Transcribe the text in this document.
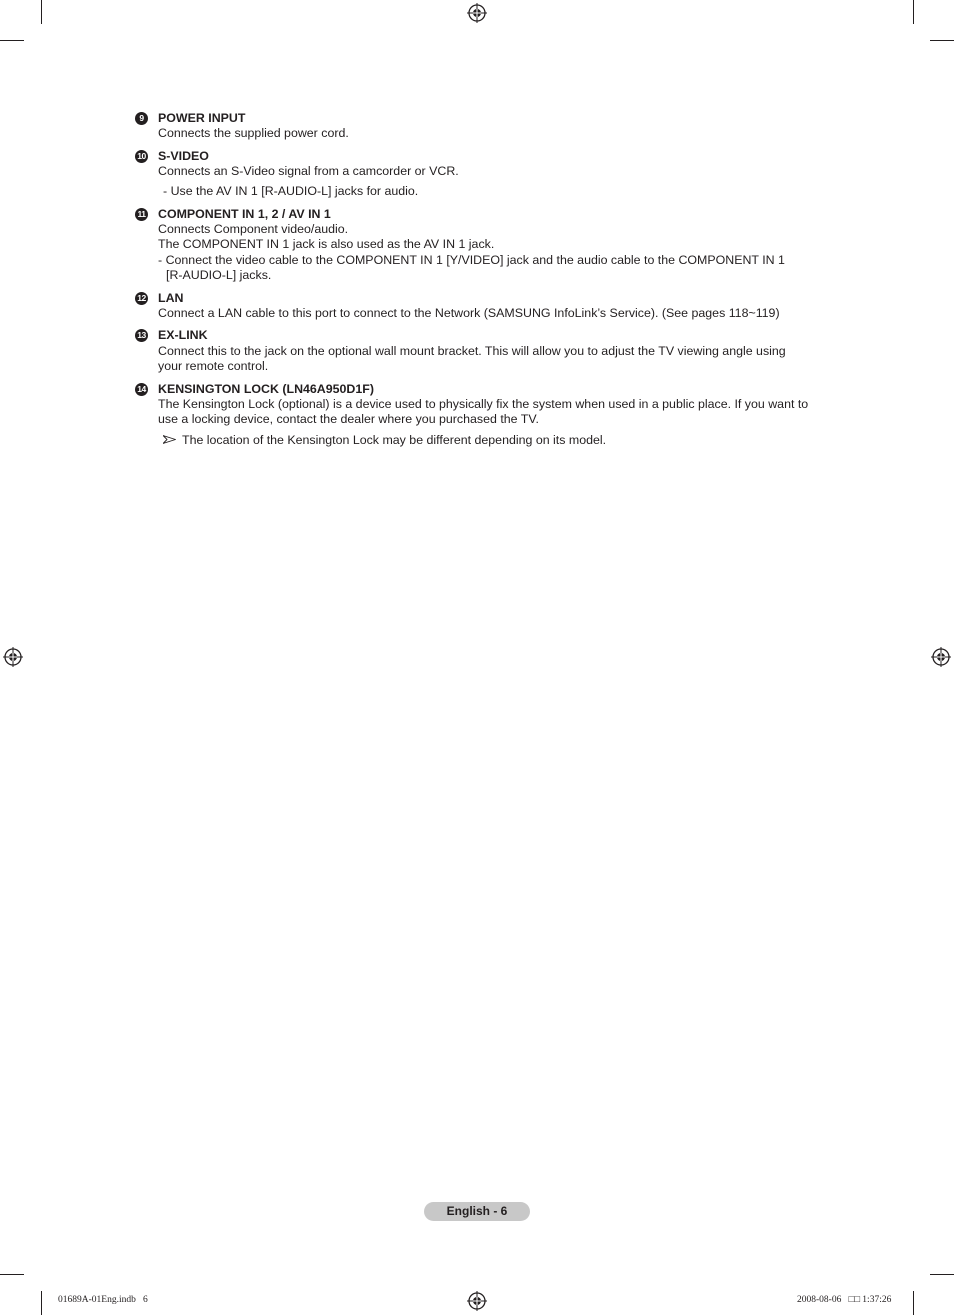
9	POWER INPUT
Connects the supplied power cord.
10 S-VIDEO
Connects an S-Video signal from a camcorder or VCR.
- Use the AV IN 1 [R-AUDIO-L] jacks for audio.
11 COMPONENT IN 1, 2 / AV IN 1
Connects Component video/audio.
The COMPONENT IN 1 jack is also used as the AV IN 1 jack.
- Connect the video cable to the COMPONENT IN 1 [Y/VIDEO] jack and the audio cable to the COMPONENT IN 1
[R-AUDIO-L] jacks.
12 LAN
Connect a LAN cable to this port to connect to the Network (SAMSUNG InfoLink’s Service). (See pages 118~119)
13 EX-LINK
Connect this to the jack on the optional wall mount bracket. This will allow you to adjust the TV viewing angle using
your remote control.
14 KENSINGTON LOCK (LN46A950D1F)
The Kensington Lock (optional) is a device used to physically fix the system when used in a public place. If you want to
use a locking device, contact the dealer where you purchased the TV.
The location of the Kensington Lock may be different depending on its model.
English - 6
01689A-01Eng.indb   6	2008-08-06   □□ 1:37:26
